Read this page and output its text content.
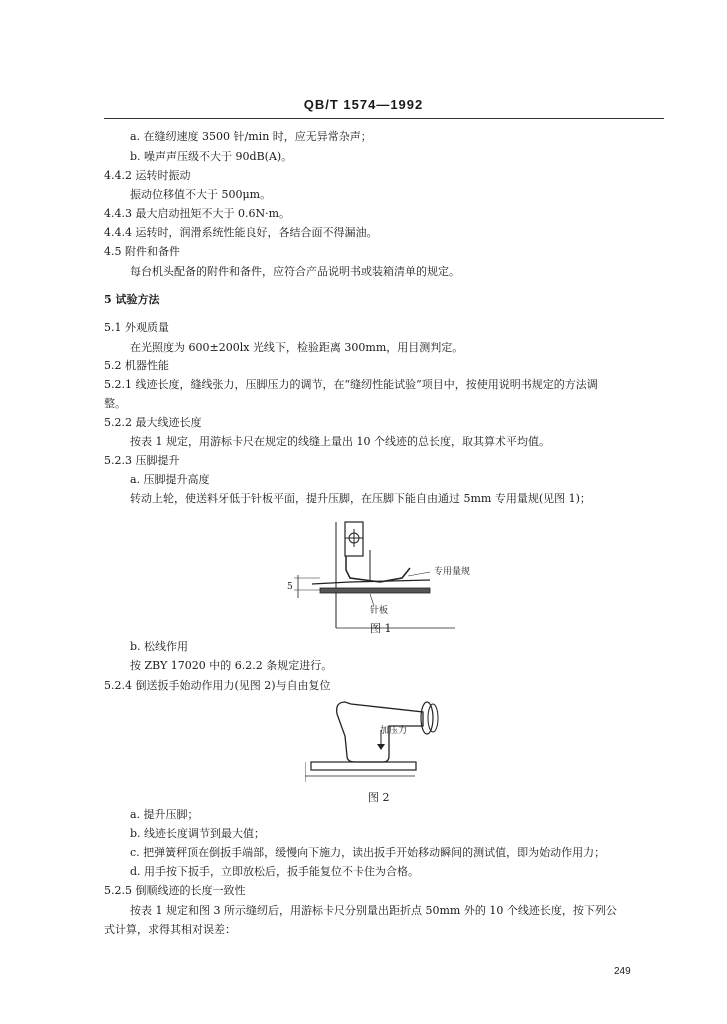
QB/T 1574—1992
a. 在缝纫速度 3500 针/min 时，应无异常杂声；
b. 噪声声压级不大于 90dB(A)。
4.4.2 运转时振动
振动位移值不大于 500μm。
4.4.3 最大启动扭矩不大于 0.6N·m。
4.4.4 运转时，润滑系统性能良好，各结合面不得漏油。
4.5 附件和备件
每台机头配备的附件和备件，应符合产品说明书或装箱清单的规定。
5 试验方法
5.1 外观质量
在光照度为 600±200lx 光线下，检验距离 300mm，用目测判定。
5.2 机器性能
5.2.1 线迹长度，缝线张力，压脚压力的调节，在“缝纫性能试验”项目中，按使用说明书规定的方法调
整。
5.2.2 最大线迹长度
按表 1 规定，用游标卡尺在规定的线缝上量出 10 个线迹的总长度，取其算术平均值。
5.2.3 压脚提升
a. 压脚提升高度
转动上轮，使送料牙低于针板平面，提升压脚，在压脚下能自由通过 5mm 专用量规(见图 1)；
5
专用量规
针板
图 1
b. 松线作用
按 ZBY 17020 中的 6.2.2 条规定进行。
5.2.4 倒送扳手始动作用力(见图 2)与自由复位
加压力
图 2
a. 提升压脚；
b. 线迹长度调节到最大值；
c. 把弹簧秤顶在倒扳手端部，缓慢向下施力，读出扳手开始移动瞬间的测试值，即为始动作用力；
d. 用手按下扳手，立即放松后，扳手能复位不卡住为合格。
5.2.5 倒顺线迹的长度一致性
按表 1 规定和图 3 所示缝纫后，用游标卡尺分别量出距折点 50mm 外的 10 个线迹长度，按下列公
式计算，求得其相对误差：
249
